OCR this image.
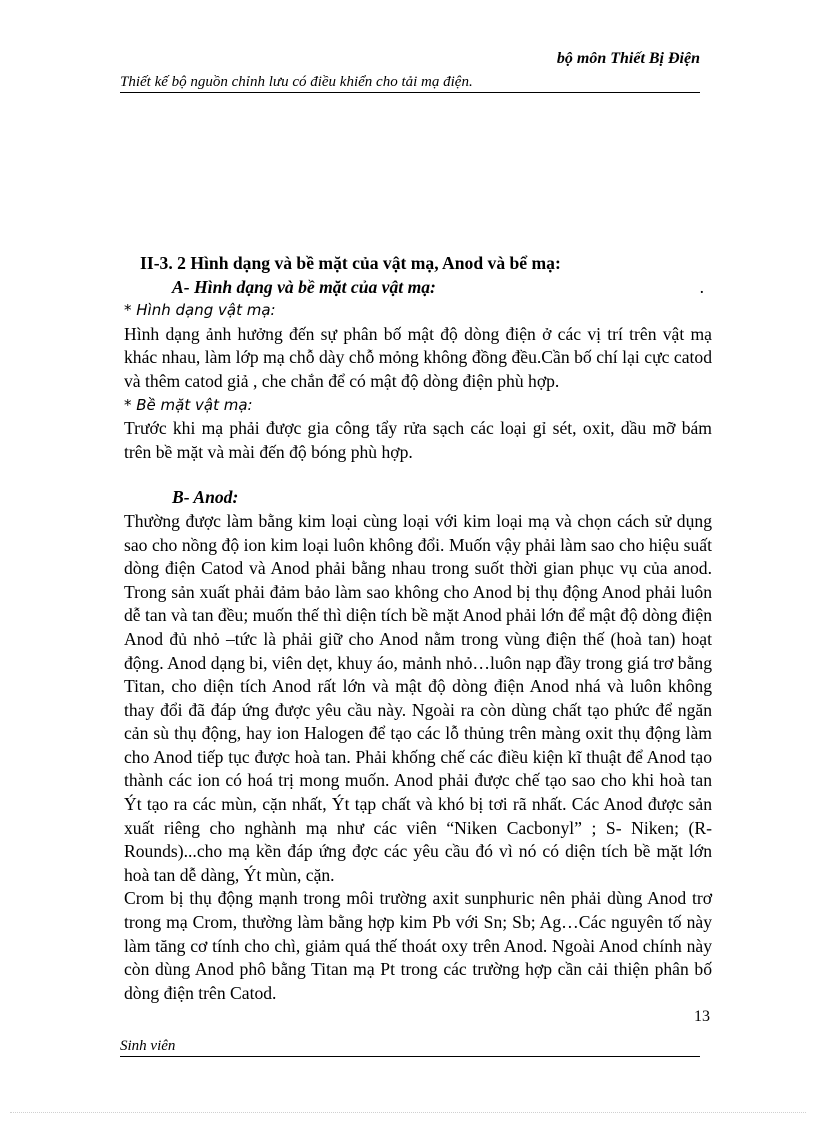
bộ môn Thiết Bị Điện
Thiết kế bộ nguồn chỉnh lưu có điều khiển cho tải mạ điện.

II-3. 2 Hình dạng và bề mặt của vật mạ, Anod và bể mạ:

A- Hình dạng và bề mặt của vật mạ:	.

* Hình dạng vật mạ:

Hình dạng ảnh hưởng đến sự phân bố mật độ dòng điện ở các vị trí trên vật mạ khác nhau, làm lớp mạ chỗ dày chỗ mỏng không đồng đều.Cần bố chí lại cực catod và thêm catod giả , che chắn để có mật độ dòng điện phù hợp.

* Bề mặt vật mạ:

Trước khi mạ phải được gia công tẩy rửa sạch các loại gỉ sét, oxit, dầu mỡ bám trên bề mặt và mài đến độ bóng phù hợp.

B- Anod:

Thường được làm bằng kim loại cùng loại với kim loại mạ và chọn cách sử dụng sao cho nồng độ ion kim loại luôn không đổi. Muốn vậy phải làm sao cho hiệu suất dòng điện Catod và Anod phải bằng nhau trong suốt thời gian phục vụ của anod. Trong sản xuất phải đảm bảo làm sao không cho Anod bị thụ động Anod phải luôn dễ tan và tan đều; muốn thế thì diện tích bề mặt Anod phải lớn để mật độ dòng điện Anod đủ nhỏ –tức là phải giữ cho Anod nằm trong vùng điện thế (hoà tan) hoạt động. Anod dạng bi, viên dẹt, khuy áo, mảnh nhỏ…luôn nạp đầy trong giá trơ bằng Titan, cho diện tích Anod rất lớn và mật độ dòng điện Anod nhá và luôn không thay đổi đã đáp ứng được yêu cầu này. Ngoài ra còn dùng chất tạo phức để ngăn cản sù thụ động, hay ion Halogen để tạo các lỗ thủng trên màng oxit thụ động làm cho Anod tiếp tục được hoà tan. Phải khống chế các điều kiện kĩ thuật để Anod tạo thành các ion có hoá trị mong muốn. Anod phải được chế tạo sao cho khi hoà tan Ýt tạo ra các mùn, cặn nhất, Ýt tạp chất và khó bị tơi rã nhất. Các Anod được sản xuất riêng cho nghành mạ như các viên “Niken Cacbonyl” ; S- Niken; (R-Rounds)...cho mạ kền đáp ứng đợc các yêu cầu đó vì nó có diện tích bề mặt lớn hoà tan dễ dàng, Ýt mùn, cặn.

Crom bị thụ động mạnh trong môi trường axit sunphuric nên phải dùng Anod trơ trong mạ Crom, thường làm bằng hợp kim Pb với Sn; Sb; Ag…Các nguyên tố này làm tăng cơ tính cho chì, giảm quá thế thoát oxy trên Anod. Ngoài Anod chính này còn dùng Anod phô bằng Titan mạ Pt trong các trường hợp cần cải thiện phân bố dòng điện trên Catod.

13
Sinh viên
